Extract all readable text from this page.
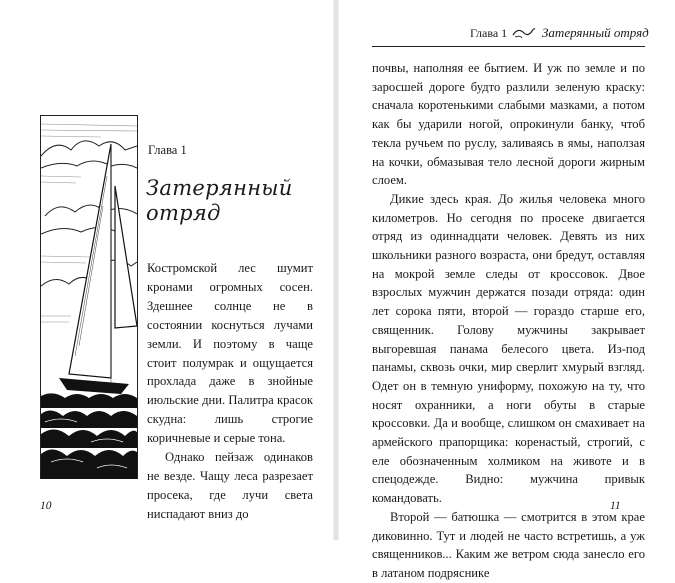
Глава 1
Затерянный отряд

Костромской лес шумит кронами огромных сосен. Здешнее солнце не в состоянии коснуться лучами земли. И поэтому в чаще стоит полумрак и ощущается прохлада даже в знойные июльские дни. Палитра красок скудна: лишь строгие коричневые и серые тона.

Однако пейзаж одинаков не везде. Чащу леса разрезает просека, где лучи света ниспадают вниз до

10
Глава 1	Затерянный отряд

почвы, наполняя ее бытием. И уж по земле и по заросшей дороге будто разлили зеленую краску: сначала коротенькими слабыми мазками, а потом как бы ударили ногой, опрокинули банку, чтоб текла ручьем по руслу, заливаясь в ямы, наползая на кочки, обмазывая тело лесной дороги жирным слоем.

Дикие здесь края. До жилья человека много километров. Но сегодня по просеке двигается отряд из одиннадцати человек. Девять из них школьники разного возраста, они бредут, оставляя на мокрой земле следы от кроссовок. Двое взрослых мужчин держатся позади отряда: один лет сорока пяти, второй — гораздо старше его, священник. Голову мужчины закрывает выгоревшая панама белесого цвета. Из-под панамы, сквозь очки, мир сверлит хмурый взгляд. Одет он в темную униформу, похожую на ту, что носят охранники, а ноги обуты в старые кроссовки. Да и вообще, слишком он смахивает на армейского прапорщика: коренастый, строгий, с еле обозначенным холмиком на животе и в спецодежде. Видно: мужчина привык командовать.

Второй — батюшка — смотрится в этом крае диковинно. Тут и людей не часто встретишь, а уж священников... Каким же ветром сюда занесло его в латаном подряснике

11
